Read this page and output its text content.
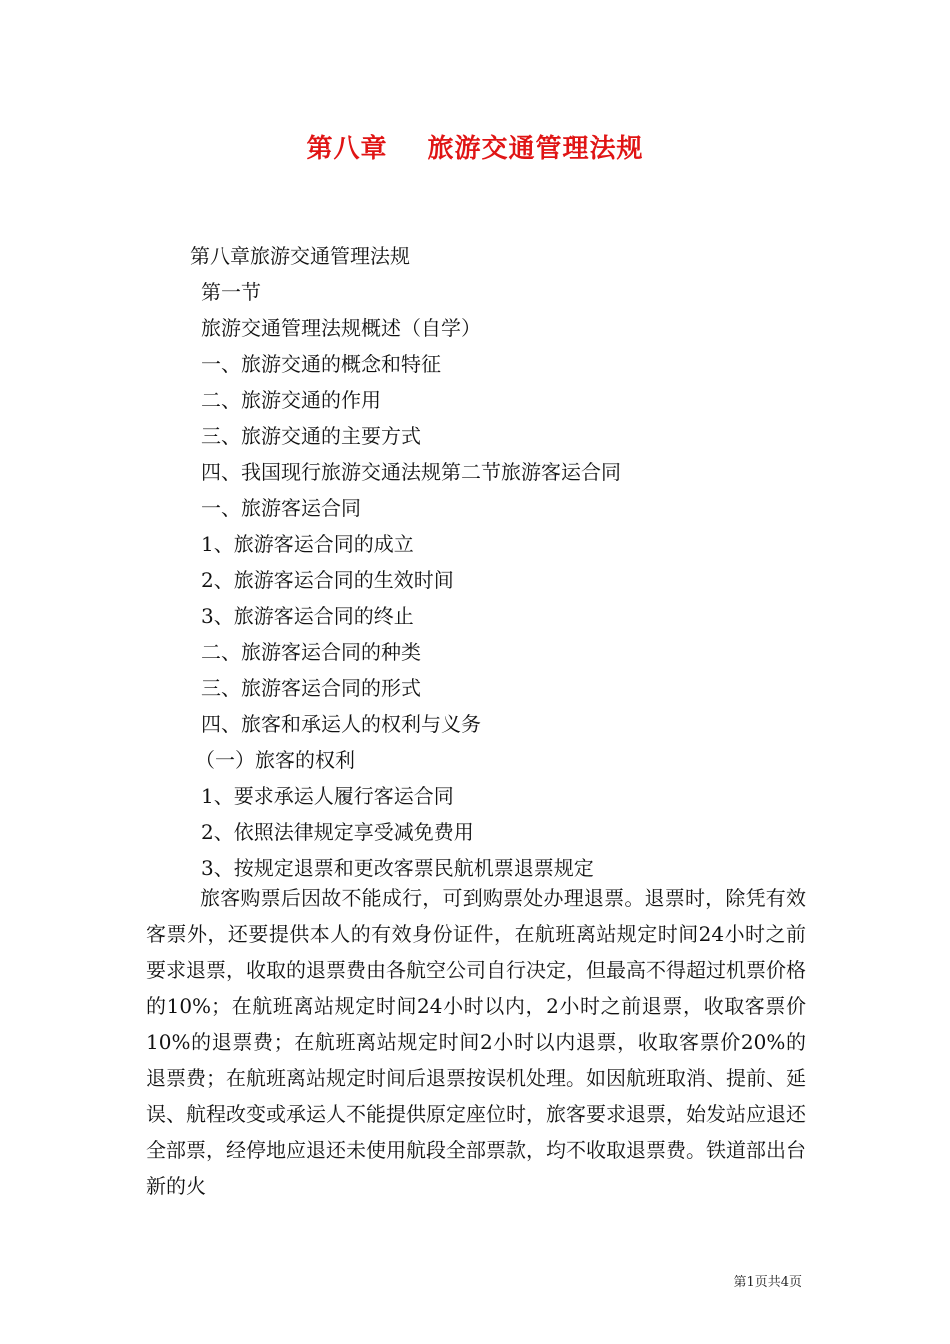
第八章 旅游交通管理法规
第八章旅游交通管理法规
第一节
旅游交通管理法规概述（自学）
一、旅游交通的概念和特征
二、旅游交通的作用
三、旅游交通的主要方式
四、我国现行旅游交通法规第二节旅游客运合同
一、旅游客运合同
1、旅游客运合同的成立
2、旅游客运合同的生效时间
3、旅游客运合同的终止
二、旅游客运合同的种类
三、旅游客运合同的形式
四、旅客和承运人的权利与义务
（一）旅客的权利
1、要求承运人履行客运合同
2、依照法律规定享受减免费用
3、按规定退票和更改客票民航机票退票规定
旅客购票后因故不能成行，可到购票处办理退票。退票时，除凭有效客票外，还要提供本人的有效身份证件，在航班离站规定时间24小时之前要求退票，收取的退票费由各航空公司自行决定，但最高不得超过机票价格的10%；在航班离站规定时间24小时以内，2小时之前退票，收取客票价10%的退票费；在航班离站规定时间2小时以内退票，收取客票价20%的退票费；在航班离站规定时间后退票按误机处理。如因航班取消、提前、延误、航程改变或承运人不能提供原定座位时，旅客要求退票，始发站应退还全部票，经停地应退还未使用航段全部票款，均不收取退票费。铁道部出台新的火
第1页共4页
